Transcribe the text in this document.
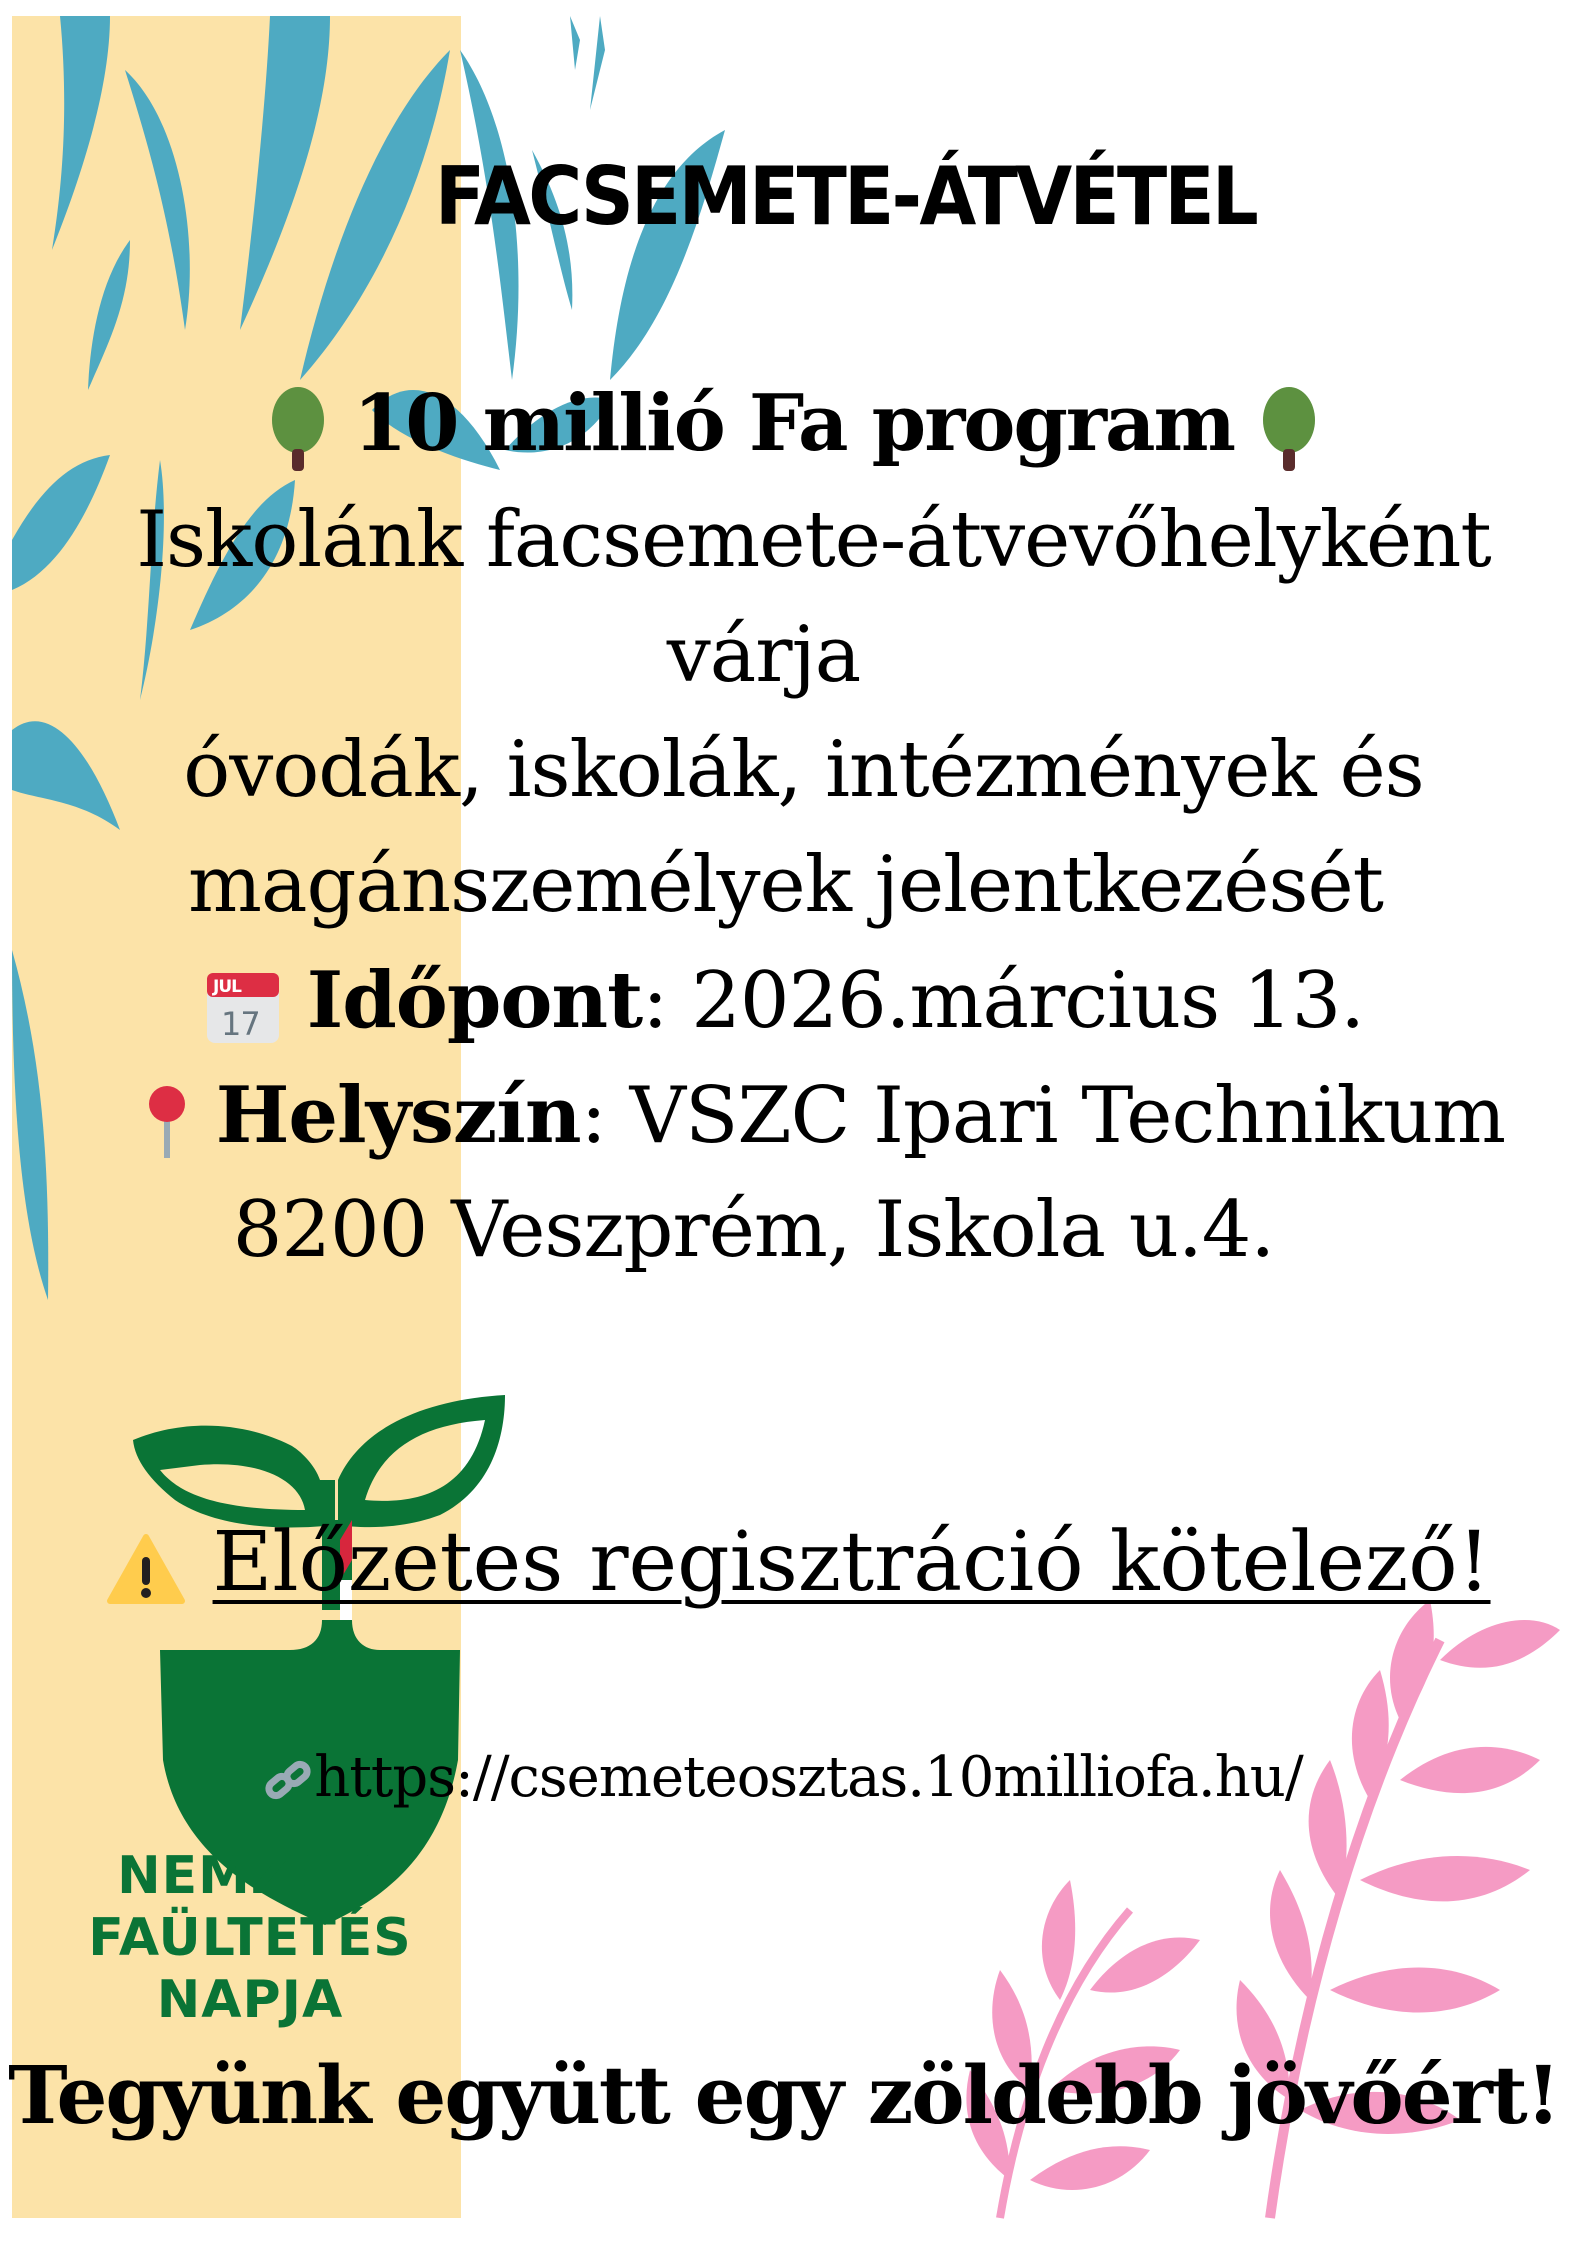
NEMZETI
FAÜLTETÉS
NAPJA
FACSEMETE-ÁTVÉTEL
10 millió Fa program
Iskolánk facsemete-átvevőhelyként
várja
óvodák, iskolák, intézmények és
magánszemélyek jelentkezését
JUL
17 Időpont: 2026.március 13.
Helyszín: VSZC Ipari Technikum
8200 Veszprém, Iskola u.4.
Előzetes regisztráció kötelező!
https://csemeteosztas.10milliofa.hu/
Tegyünk együtt egy zöldebb jövőért!
